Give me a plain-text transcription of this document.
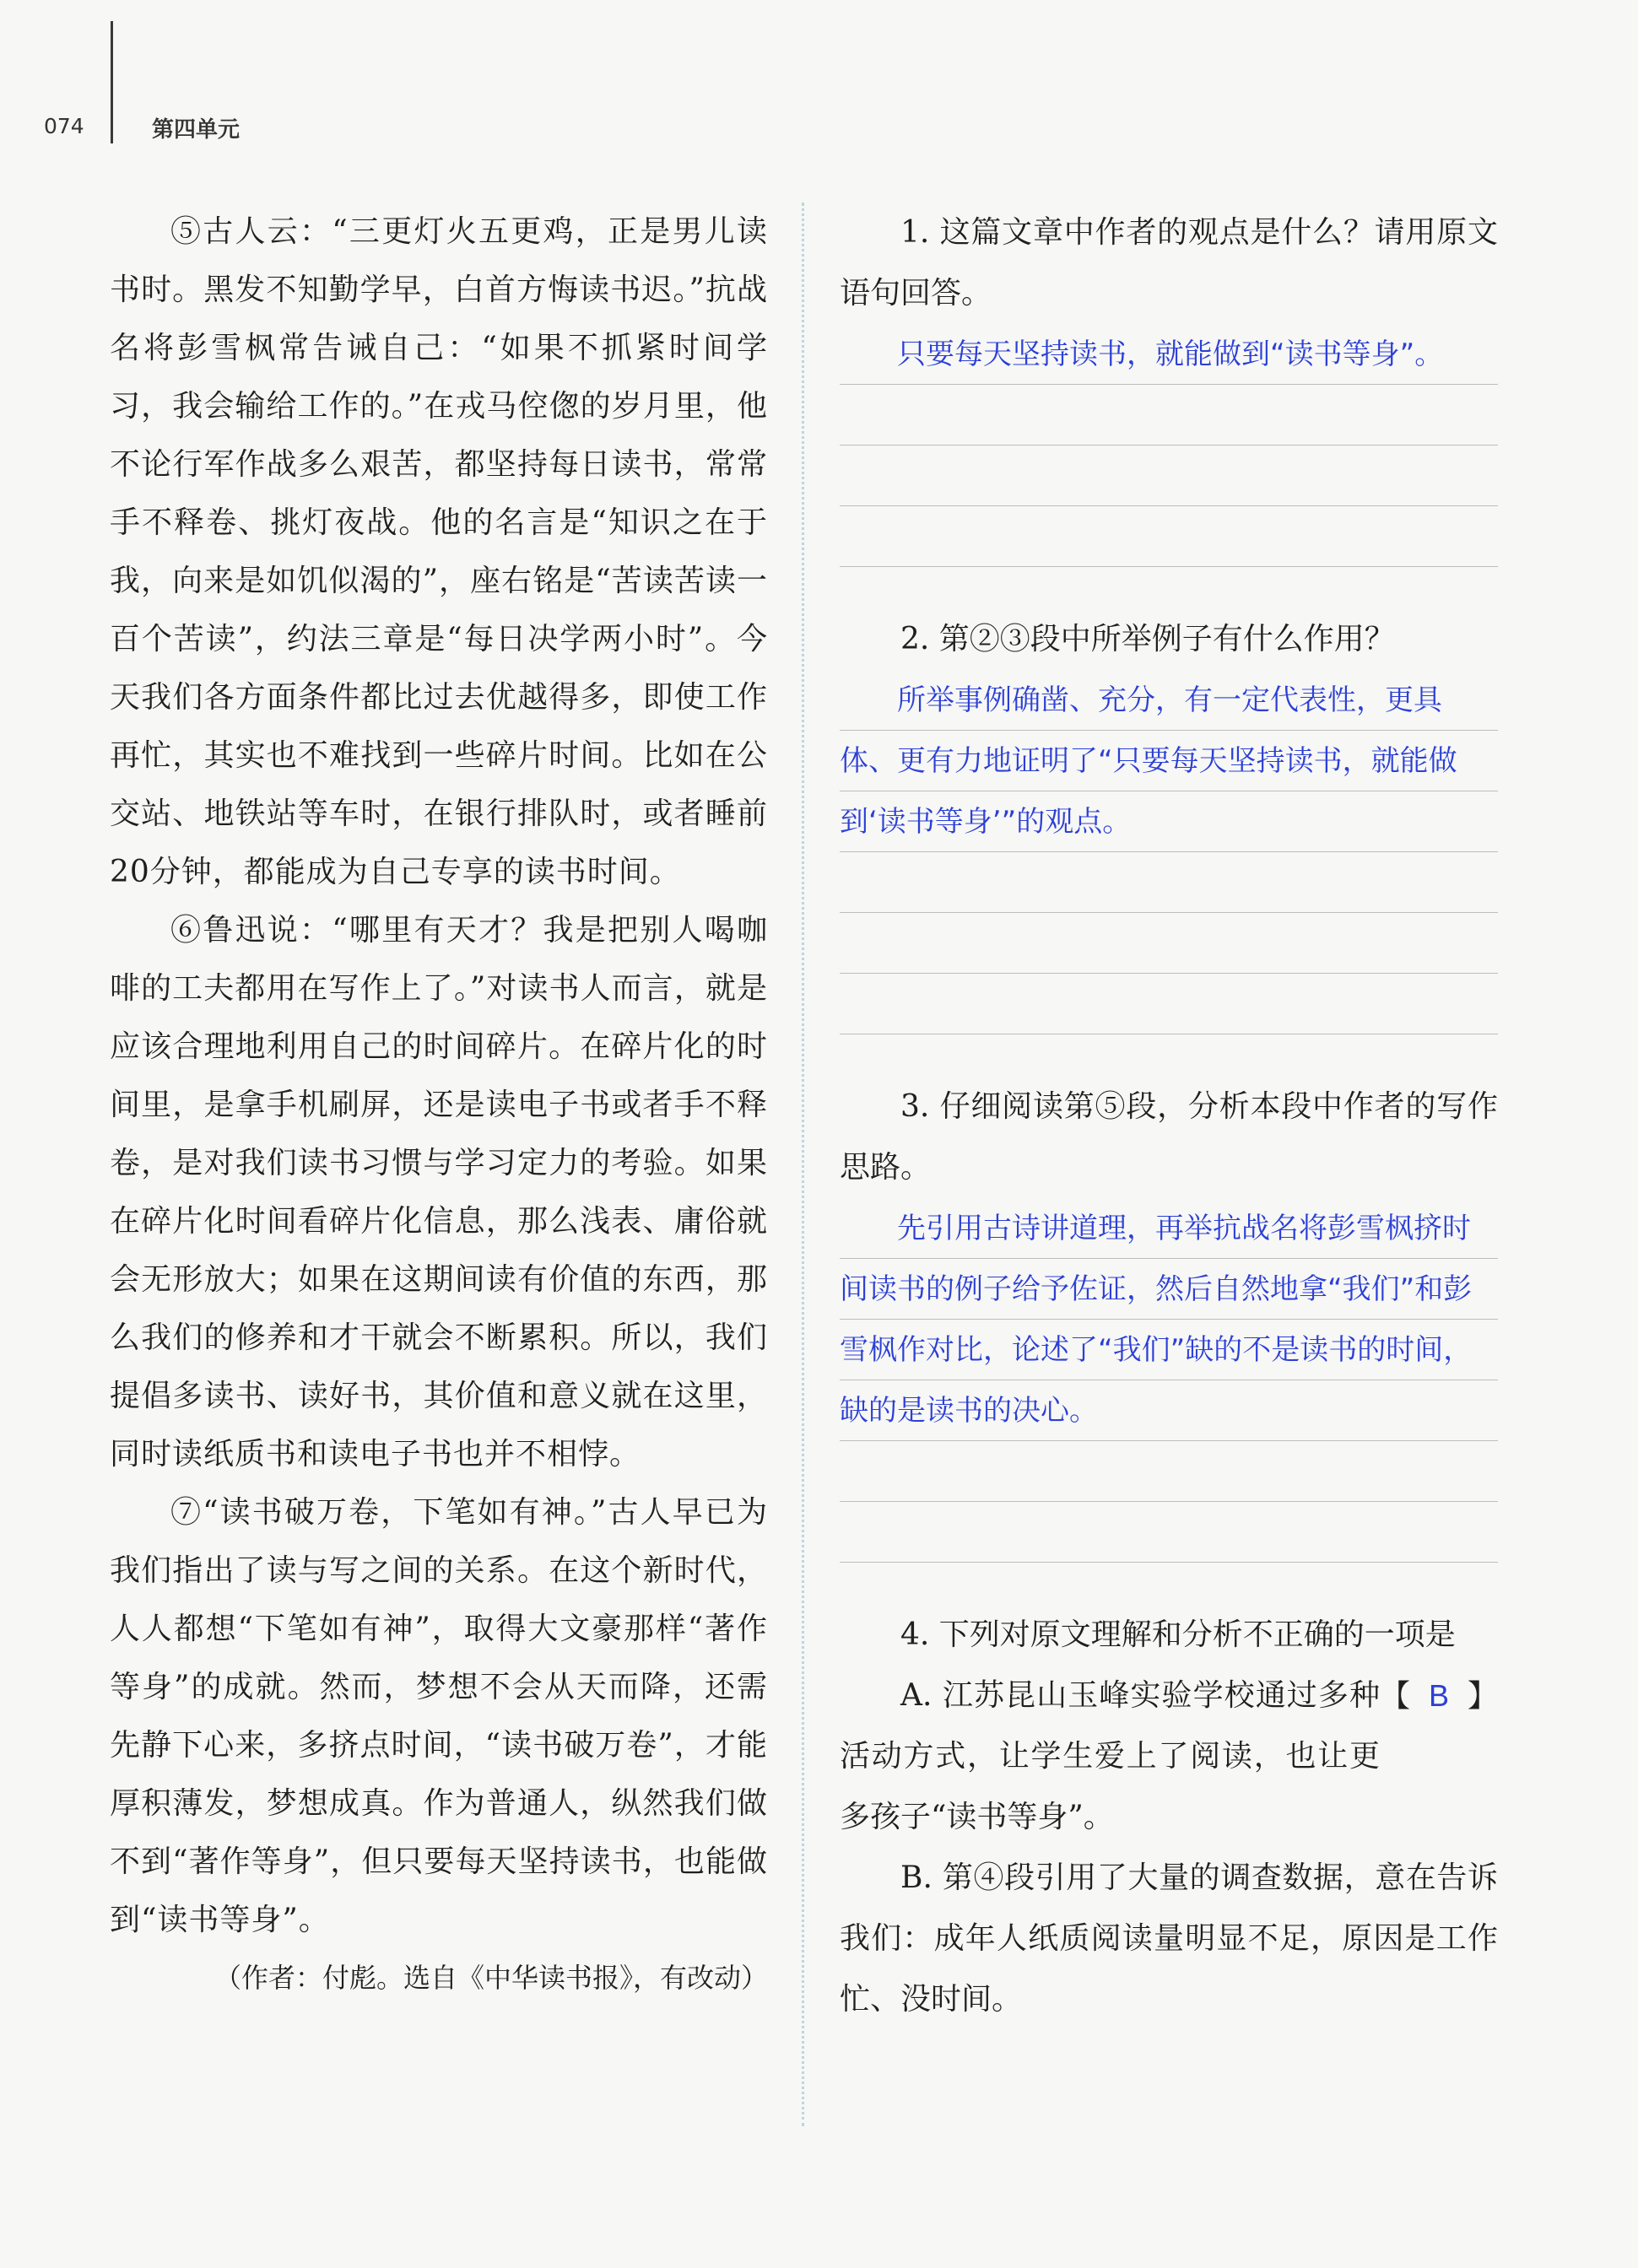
074	第四单元

⑤古人云：“三更灯火五更鸡，正是男儿读书时。黑发不知勤学早，白首方悔读书迟。”抗战名将彭雪枫常告诫自己：“如果不抓紧时间学习，我会输给工作的。”在戎马倥偬的岁月里，他不论行军作战多么艰苦，都坚持每日读书，常常手不释卷、挑灯夜战。他的名言是“知识之在于我，向来是如饥似渴的”，座右铭是“苦读苦读一百个苦读”，约法三章是“每日决学两小时”。今天我们各方面条件都比过去优越得多，即使工作再忙，其实也不难找到一些碎片时间。比如在公交站、地铁站等车时，在银行排队时，或者睡前20分钟，都能成为自己专享的读书时间。

⑥鲁迅说：“哪里有天才？我是把别人喝咖啡的工夫都用在写作上了。”对读书人而言，就是应该合理地利用自己的时间碎片。在碎片化的时间里，是拿手机刷屏，还是读电子书或者手不释卷，是对我们读书习惯与学习定力的考验。如果在碎片化时间看碎片化信息，那么浅表、庸俗就会无形放大；如果在这期间读有价值的东西，那么我们的修养和才干就会不断累积。所以，我们提倡多读书、读好书，其价值和意义就在这里，同时读纸质书和读电子书也并不相悖。

⑦“读书破万卷，下笔如有神。”古人早已为我们指出了读与写之间的关系。在这个新时代，人人都想“下笔如有神”，取得大文豪那样“著作等身”的成就。然而，梦想不会从天而降，还需先静下心来，多挤点时间，“读书破万卷”，才能厚积薄发，梦想成真。作为普通人，纵然我们做不到“著作等身”，但只要每天坚持读书，也能做到“读书等身”。

（作者：付彪。选自《中华读书报》，有改动）

1. 这篇文章中作者的观点是什么？请用原文语句回答。

只要每天坚持读书，就能做到“读书等身”。

2. 第②③段中所举例子有什么作用？

所举事例确凿、充分，有一定代表性，更具体、更有力地证明了“只要每天坚持读书，就能做到‘读书等身’”的观点。

3. 仔细阅读第⑤段，分析本段中作者的写作思路。

先引用古诗讲道理，再举抗战名将彭雪枫挤时间读书的例子给予佐证，然后自然地拿“我们”和彭雪枫作对比，论述了“我们”缺的不是读书的时间，缺的是读书的决心。

4. 下列对原文理解和分析不正确的一项是
【 B 】

A. 江苏昆山玉峰实验学校通过多种活动方式，让学生爱上了阅读，也让更多孩子“读书等身”。

B. 第④段引用了大量的调查数据，意在告诉我们：成年人纸质阅读量明显不足，原因是工作忙、没时间。
